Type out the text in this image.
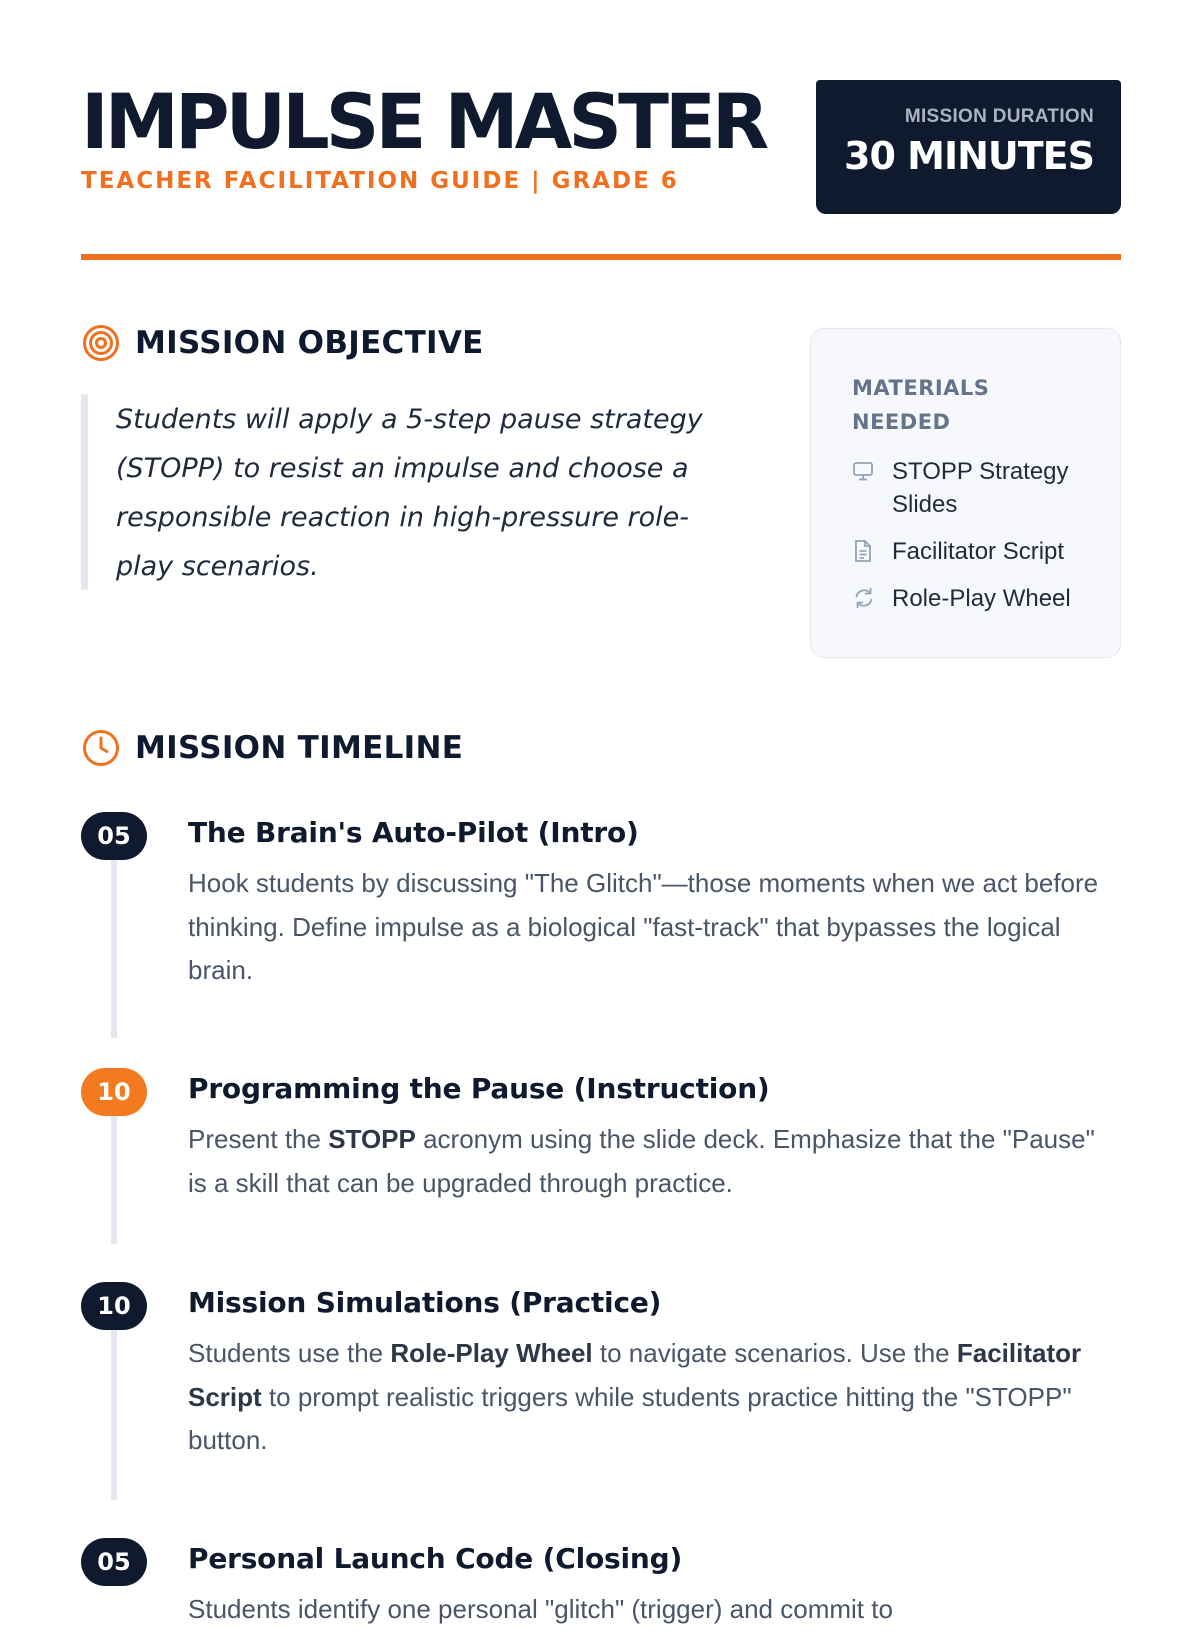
IMPULSE MASTER
TEACHER FACILITATION GUIDE | GRADE 6
MISSION DURATION
30 MINUTES
MISSION OBJECTIVE

Students will apply a 5-step pause strategy (STOPP) to resist an impulse and choose a responsible reaction in high-pressure role-play scenarios.

MATERIALS NEEDED
STOPP Strategy Slides
Facilitator Script
Role-Play Wheel
MISSION TIMELINE
05	The Brain's Auto-Pilot (Intro)
Hook students by discussing "The Glitch"—those moments when we act before thinking. Define impulse as a biological "fast-track" that bypasses the logical brain.
10	Programming the Pause (Instruction)
Present the STOPP acronym using the slide deck. Emphasize that the "Pause" is a skill that can be upgraded through practice.
10	Mission Simulations (Practice)
Students use the Role-Play Wheel to navigate scenarios. Use the Facilitator Script to prompt realistic triggers while students practice hitting the "STOPP" button.
05	Personal Launch Code (Closing)
Students identify one personal "glitch" (trigger) and commit to
